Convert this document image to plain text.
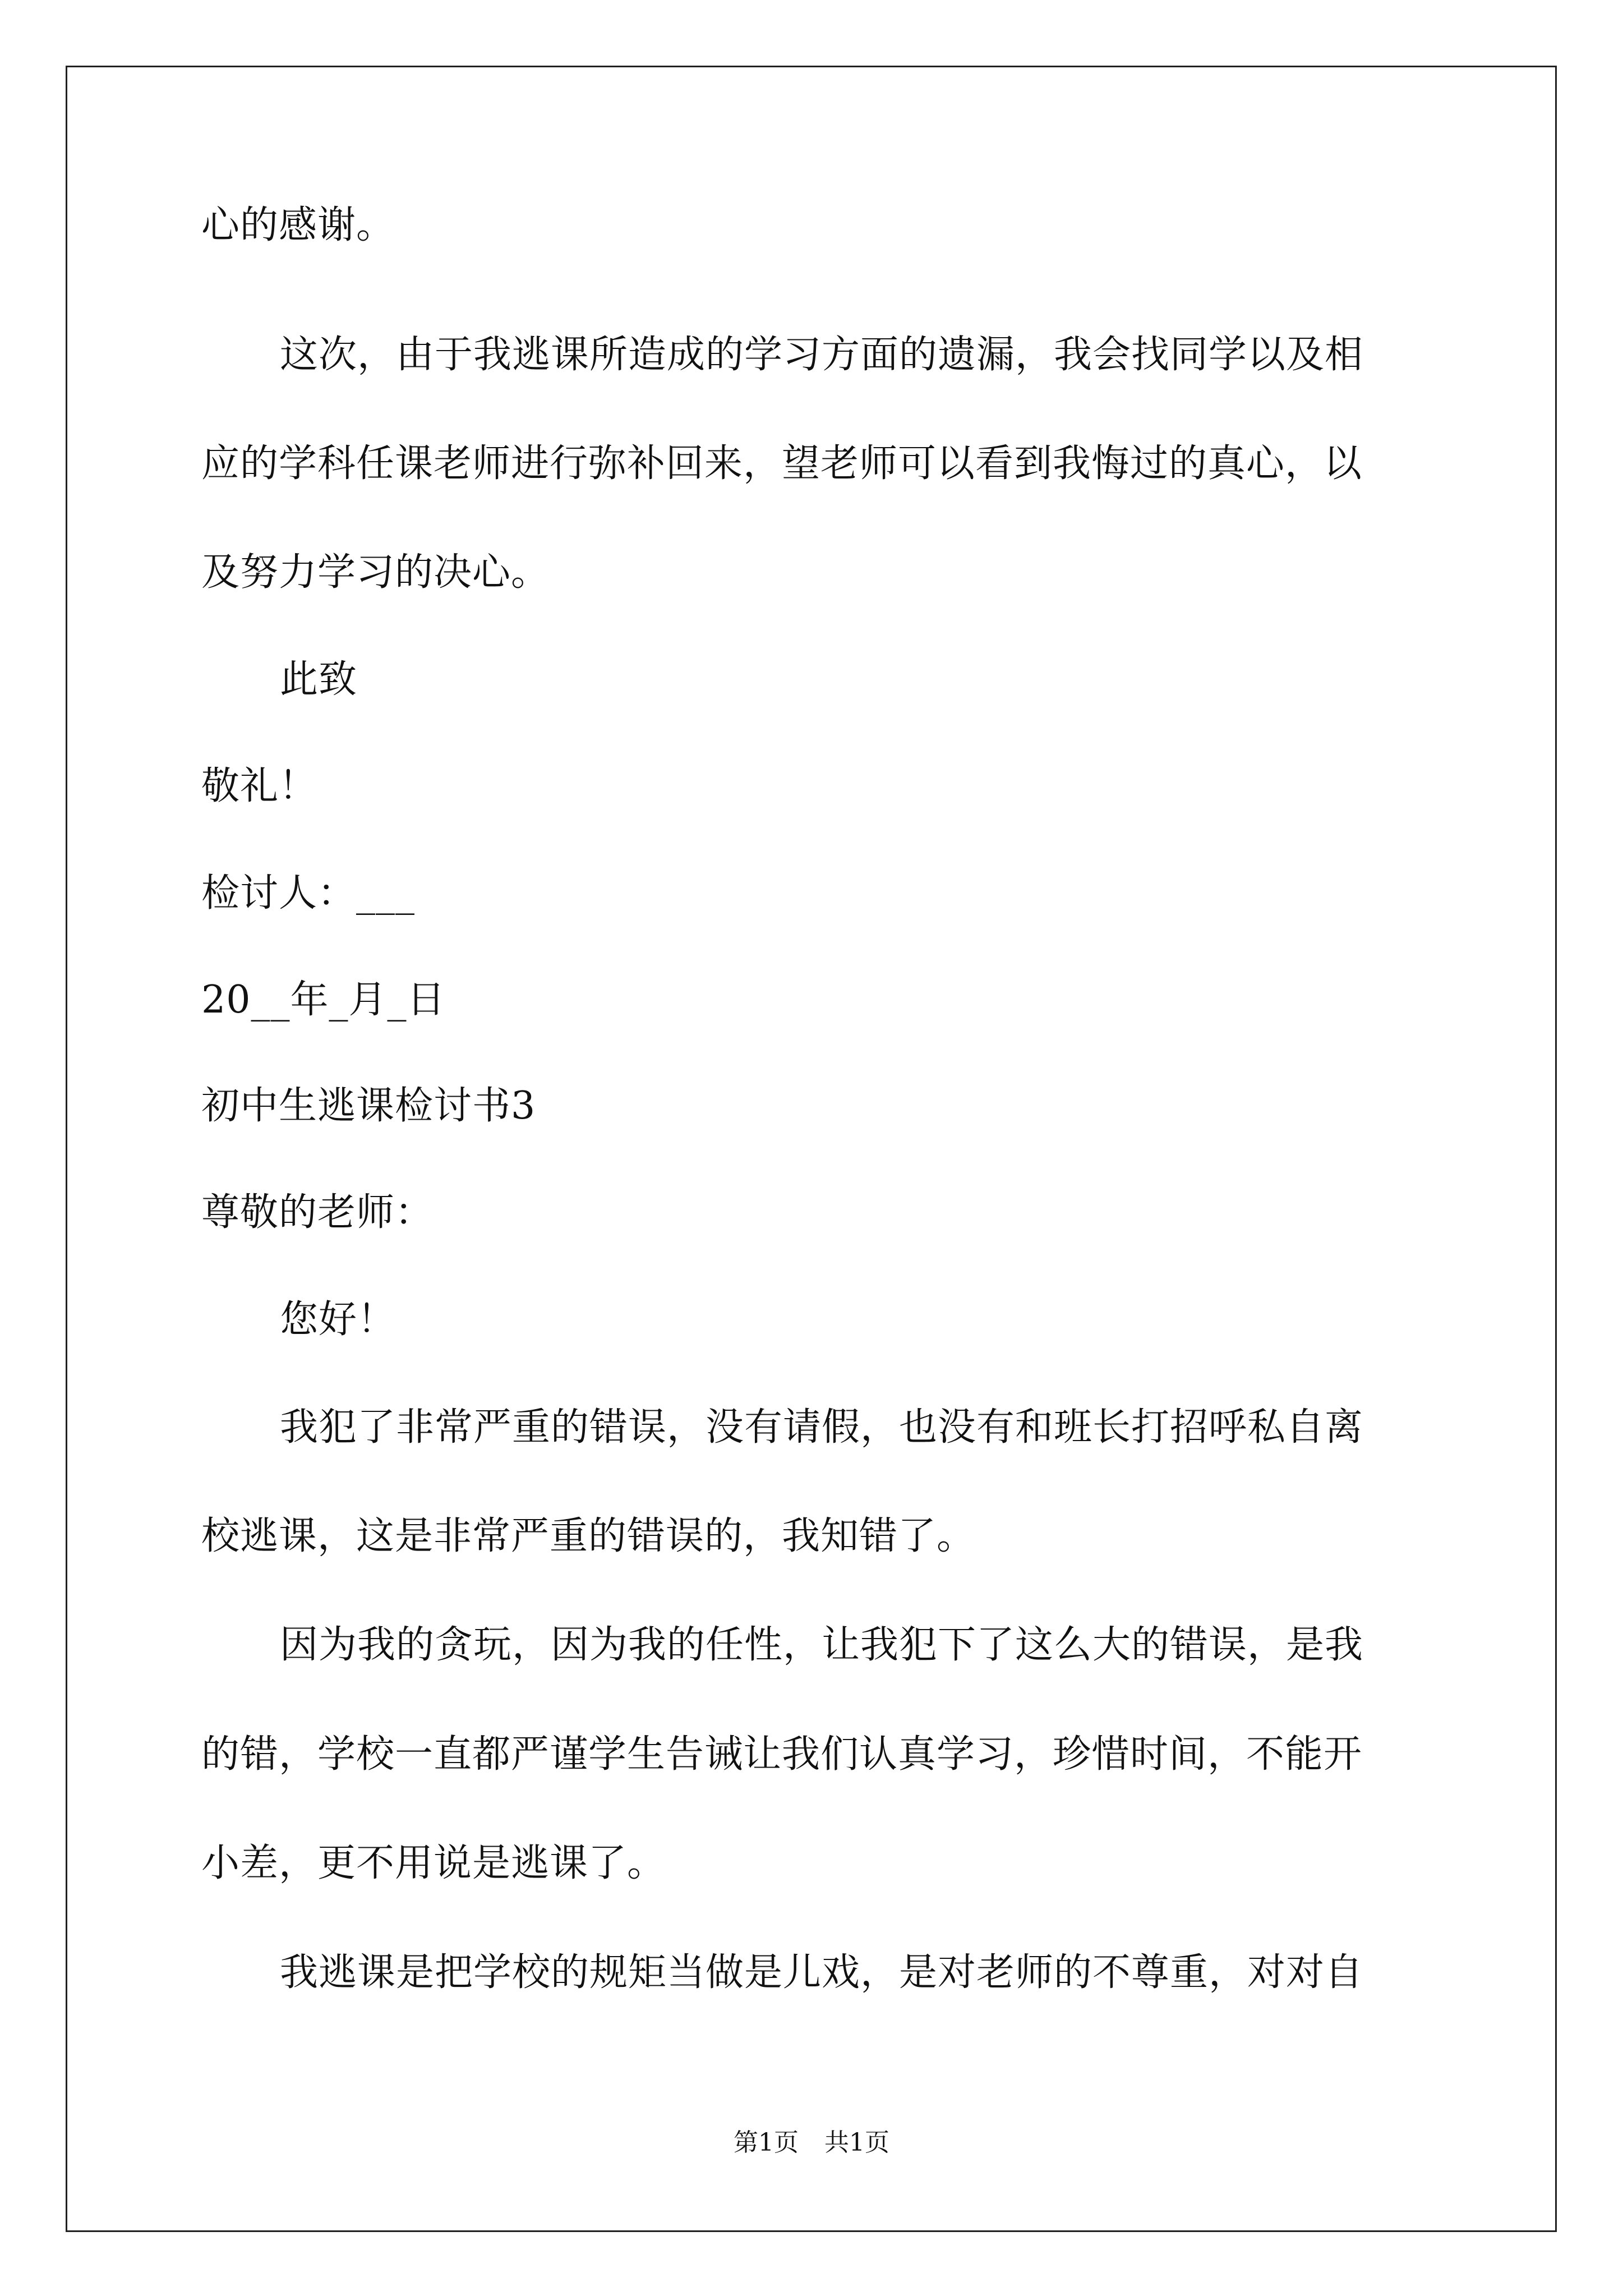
心的感谢。
这次，由于我逃课所造成的学习方面的遗漏，我会找同学以及相
应的学科任课老师进行弥补回来，望老师可以看到我悔过的真心，以
及努力学习的决心。
此致
敬礼！
检讨人：___
20__年_月_日
初中生逃课检讨书3
尊敬的老师：
您好！
我犯了非常严重的错误，没有请假，也没有和班长打招呼私自离
校逃课，这是非常严重的错误的，我知错了。
因为我的贪玩，因为我的任性，让我犯下了这么大的错误，是我
的错，学校一直都严谨学生告诫让我们认真学习，珍惜时间，不能开
小差，更不用说是逃课了。
我逃课是把学校的规矩当做是儿戏，是对老师的不尊重，对对自
第1页 共1页
